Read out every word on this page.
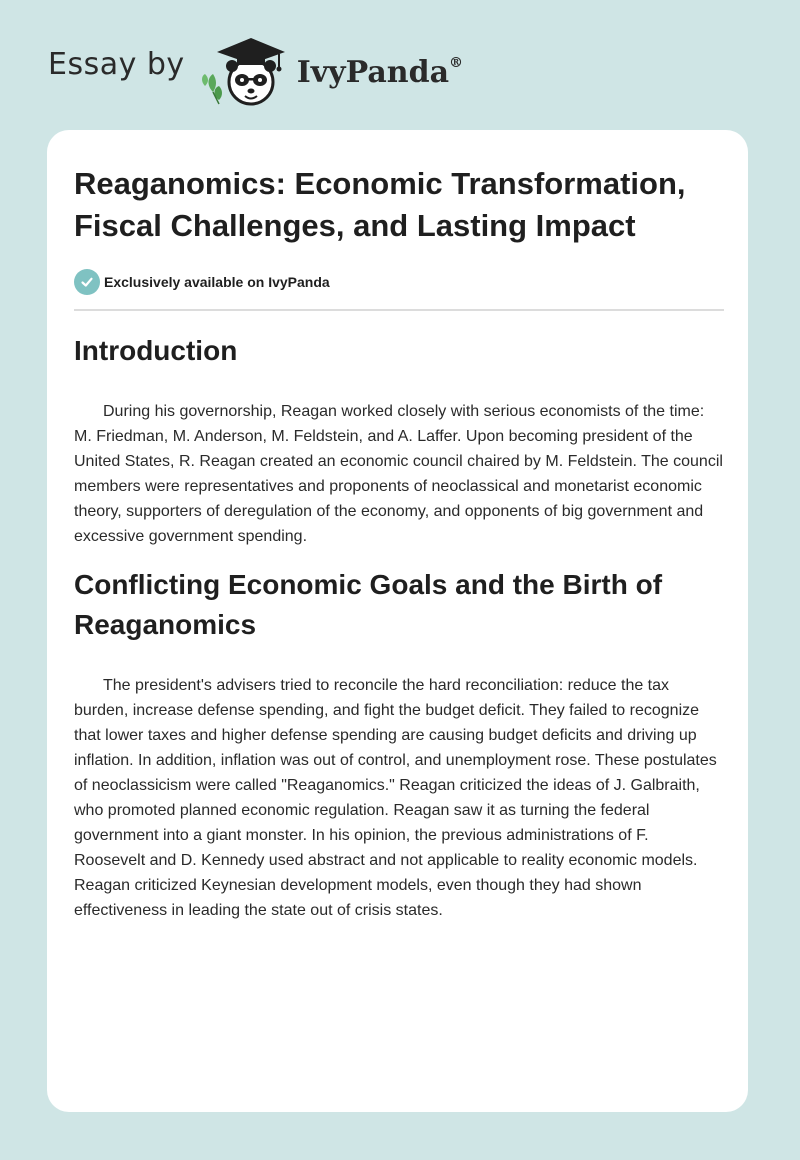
Essay by	IvyPanda®
Reaganomics: Economic Transformation, Fiscal Challenges, and Lasting Impact
Exclusively available on IvyPanda
Introduction

During his governorship, Reagan worked closely with serious economists of the time: M. Friedman, M. Anderson, M. Feldstein, and A. Laffer. Upon becoming president of the United States, R. Reagan created an economic council chaired by M. Feldstein. The council members were representatives and proponents of neoclassical and monetarist economic theory, supporters of deregulation of the economy, and opponents of big government and excessive government spending.

Conflicting Economic Goals and the Birth of Reaganomics

The president's advisers tried to reconcile the hard reconciliation: reduce the tax burden, increase defense spending, and fight the budget deficit. They failed to recognize that lower taxes and higher defense spending are causing budget deficits and driving up inflation. In addition, inflation was out of control, and unemployment rose. These postulates of neoclassicism were called "Reaganomics." Reagan criticized the ideas of J. Galbraith, who promoted planned economic regulation. Reagan saw it as turning the federal government into a giant monster. In his opinion, the previous administrations of F. Roosevelt and D. Kennedy used abstract and not applicable to reality economic models. Reagan criticized Keynesian development models, even though they had shown effectiveness in leading the state out of crisis states.
